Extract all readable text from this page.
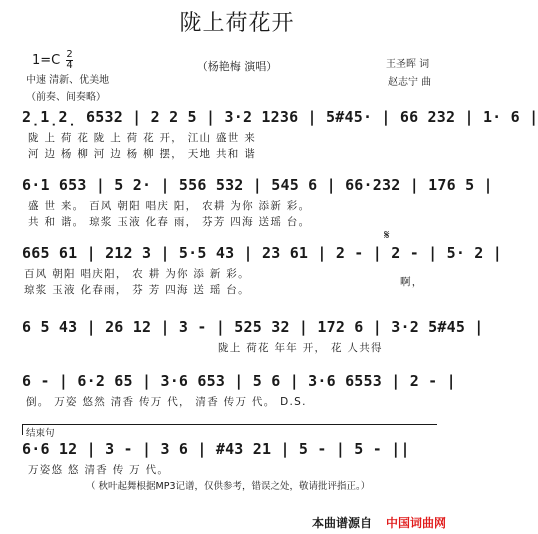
陇上荷花开
$1=C \frac{2}{4}$	（杨艳梅 演唱）	王圣晖 词
赵志宁 曲
中速 清新、优美地
（前奏、间奏略）
2̣1̣2̣ 6532 | 2 2 5 | 3·2 1236 | 5#45· | 66 232 | 1· 6 |
陇 上 荷 花 陇 上 荷 花 开， 江山 盛世 来
河 边 杨 柳 河 边 杨 柳 摆， 天地 共和 谐
6·1 653 | 5 2· | 556 532 | 545 6 | 66·232 | 176 5 |
盛 世 来。 百风 朝阳 唱庆 阳， 农耕 为你 添新 彩。
共 和 谐。 琼浆 玉液 化春 雨， 芬芳 四海 送瑶 台。
𝄋
665 61 | 212 3 | 5·5 43 | 23 61 | 2 - | 2 - | 5· 2 |
百风 朝阳 唱庆阳， 农 耕 为你 添 新 彩。
琼浆 玉液 化春雨， 芬 芳 四海 送 瑶 台。
啊，
6 5 43 | 26 12 | 3 - | 525 32 | 172 6 | 3·2 5#45 |
陇上 荷花 年年 开， 花 人共得
6 - | 6·2 65 | 3·6 653 | 5 6 | 3·6 6553 | 2 - |
倒。 万姿 悠然 清香 传万 代， 清香 传万 代。 D.S.
结束句
6·6 12 | 3 - | 3 6 | #43 21 | 5 - | 5 - ||
万姿悠 悠 清香 传 万 代。
（ 秋叶起舞根据MP3记谱，仅供参考，错误之处，敬请批评指正。）
本曲谱源自 中国词曲网
